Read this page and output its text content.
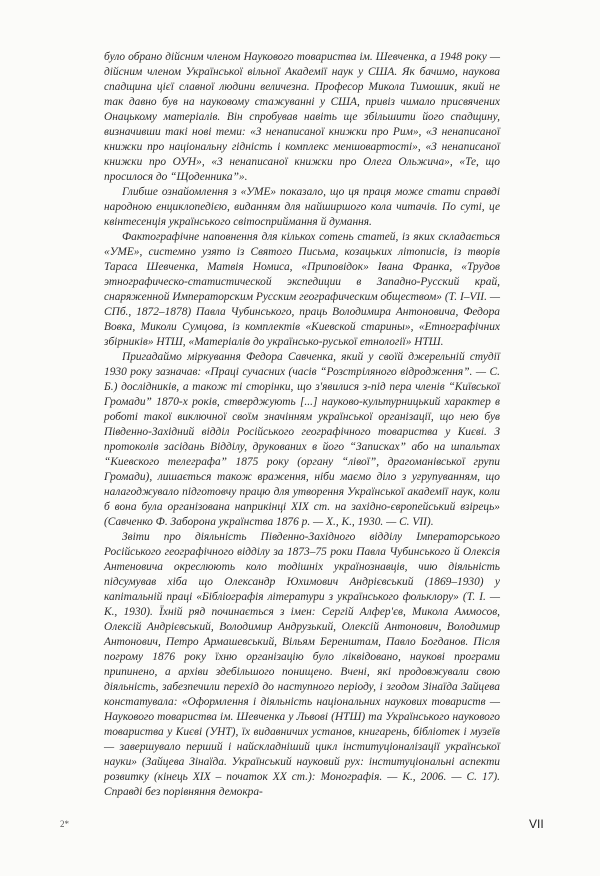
було обрано дійсним членом Наукового товариства ім. Шевченка, а 1948 року — дійсним членом Української вільної Академії наук у США. Як бачимо, наукова спадщина цієї славної людини величезна. Професор Микола Тимошик, який не так давно був на науковому стажуванні у США, привіз чимало присвячених Онацькому матеріалів. Він спробував навіть ще збільшити його спадщину, визначивши такі нові теми: «З ненаписаної книжки про Рим», «З ненаписаної книжки про національну гідність і комплекс меншовартості», «З ненаписаної книжки про ОУН», «З ненаписаної книжки про Олега Ольжича», «Те, що просилося до “Щоденника”».

Глибше ознайомлення з «УМЕ» показало, що ця праця може стати справді народною енциклопедією, виданням для найширшого кола читачів. По суті, це квінтесенція українського світосприймання й думання.

Фактографічне наповнення для кількох сотень статей, із яких складається «УМЕ», системно узято із Святого Письма, козацьких літописів, із творів Тараса Шевченка, Матвія Номиса, «Приповідок» Івана Франка, «Трудов этнографическо-статистической экспедиции в Западно-Русский край, снаряженной Императорским Русским географическим обществом» (Т. I–VII. — СПб., 1872–1878) Павла Чубинського, праць Володимира Антоновича, Федора Вовка, Миколи Сумцова, із комплектів «Киевской старины», «Етнографічних збірників» НТШ, «Матеріалів до українсько-руської етнології» НТШ.

Пригадаймо міркування Федора Савченка, який у своїй джерельній студії 1930 року зазначав: «Праці сучасних (часів “Розстріляного відродження”. — С. Б.) дослідників, а також ті сторінки, що з'явилися з-під пера членів “Київської Громади” 1870-х років, стверджують [...] науково-культурницький характер в роботі такої виключної своїм значінням української організації, що нею був Південно-Західний відділ Російського географічного товариства у Києві. З протоколів засідань Відділу, друкованих в його “Записках” або на шпальтах “Киевского телеграфа” 1875 року (органу “лівої”, драгоманівської групи Громади), лишається також враження, ніби маємо діло з угрупуванням, що налагоджувало підготовчу працю для утворення Української академії наук, коли б вона була організована наприкінці XIX ст. на західно-європейський взірець» (Савченко Ф. Заборона українства 1876 р. — Х., К., 1930. — С. VII).

Звіти про діяльність Південно-Західного відділу Імператорського Російського географічного відділу за 1873–75 роки Павла Чубинського й Олексія Антеновича окреслюють коло тодішніх українознавців, чию діяльність підсумував хіба що Олександр Юхимович Андрієвський (1869–1930) у капітальній праці «Бібліографія літератури з українського фольклору» (Т. I. — К., 1930). Їхній ряд починається з імен: Сергій Алфер'єв, Микола Аммосов, Олексій Андрієвський, Володимир Андрузький, Олексій Антонович, Володимир Антонович, Петро Армашевський, Вільям Беренштам, Павло Богданов. Після погрому 1876 року їхню організацію було ліквідовано, наукові програми припинено, а архіви здебільшого понищено. Вчені, які продовжували свою діяльність, забезпечили перехід до наступного періоду, і згодом Зінаїда Зайцева констатувала: «Оформлення і діяльність національних наукових товариств — Наукового товариства ім. Шевченка у Львові (НТШ) та Українського наукового товариства у Києві (УНТ), їх видавничих установ, книгарень, бібліотек і музеїв — завершувало перший і найскладніший цикл інституціоналізації української науки» (Зайцева Зінаїда. Український науковий рух: інституціональні аспекти розвитку (кінець XIX – початок XX ст.): Монографія. — К., 2006. — С. 17). Справді без порівняння демокра-

2*	VII
